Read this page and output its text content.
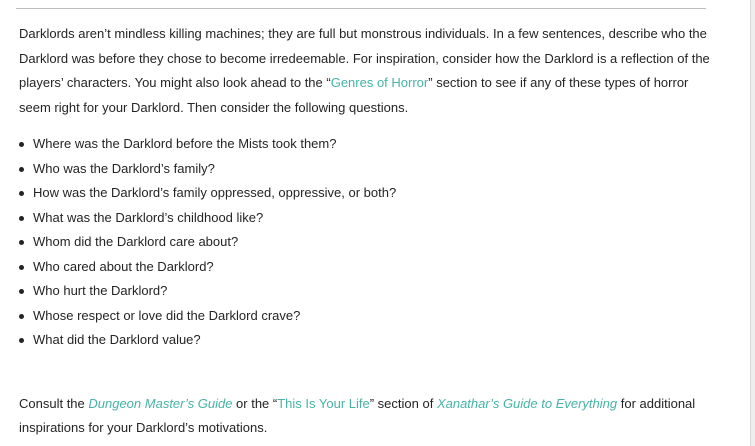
Darklords aren’t mindless killing machines; they are full but monstrous individuals. In a few sentences, describe who the Darklord was before they chose to become irredeemable. For inspiration, consider how the Darklord is a reflection of the players’ characters. You might also look ahead to the “Genres of Horror” section to see if any of these types of horror seem right for your Darklord. Then consider the following questions.

Where was the Darklord before the Mists took them?
Who was the Darklord’s family?
How was the Darklord’s family oppressed, oppressive, or both?
What was the Darklord’s childhood like?
Whom did the Darklord care about?
Who cared about the Darklord?
Who hurt the Darklord?
Whose respect or love did the Darklord crave?
What did the Darklord value?

Consult the Dungeon Master’s Guide or the “This Is Your Life” section of Xanathar’s Guide to Everything for additional inspirations for your Darklord’s motivations.
